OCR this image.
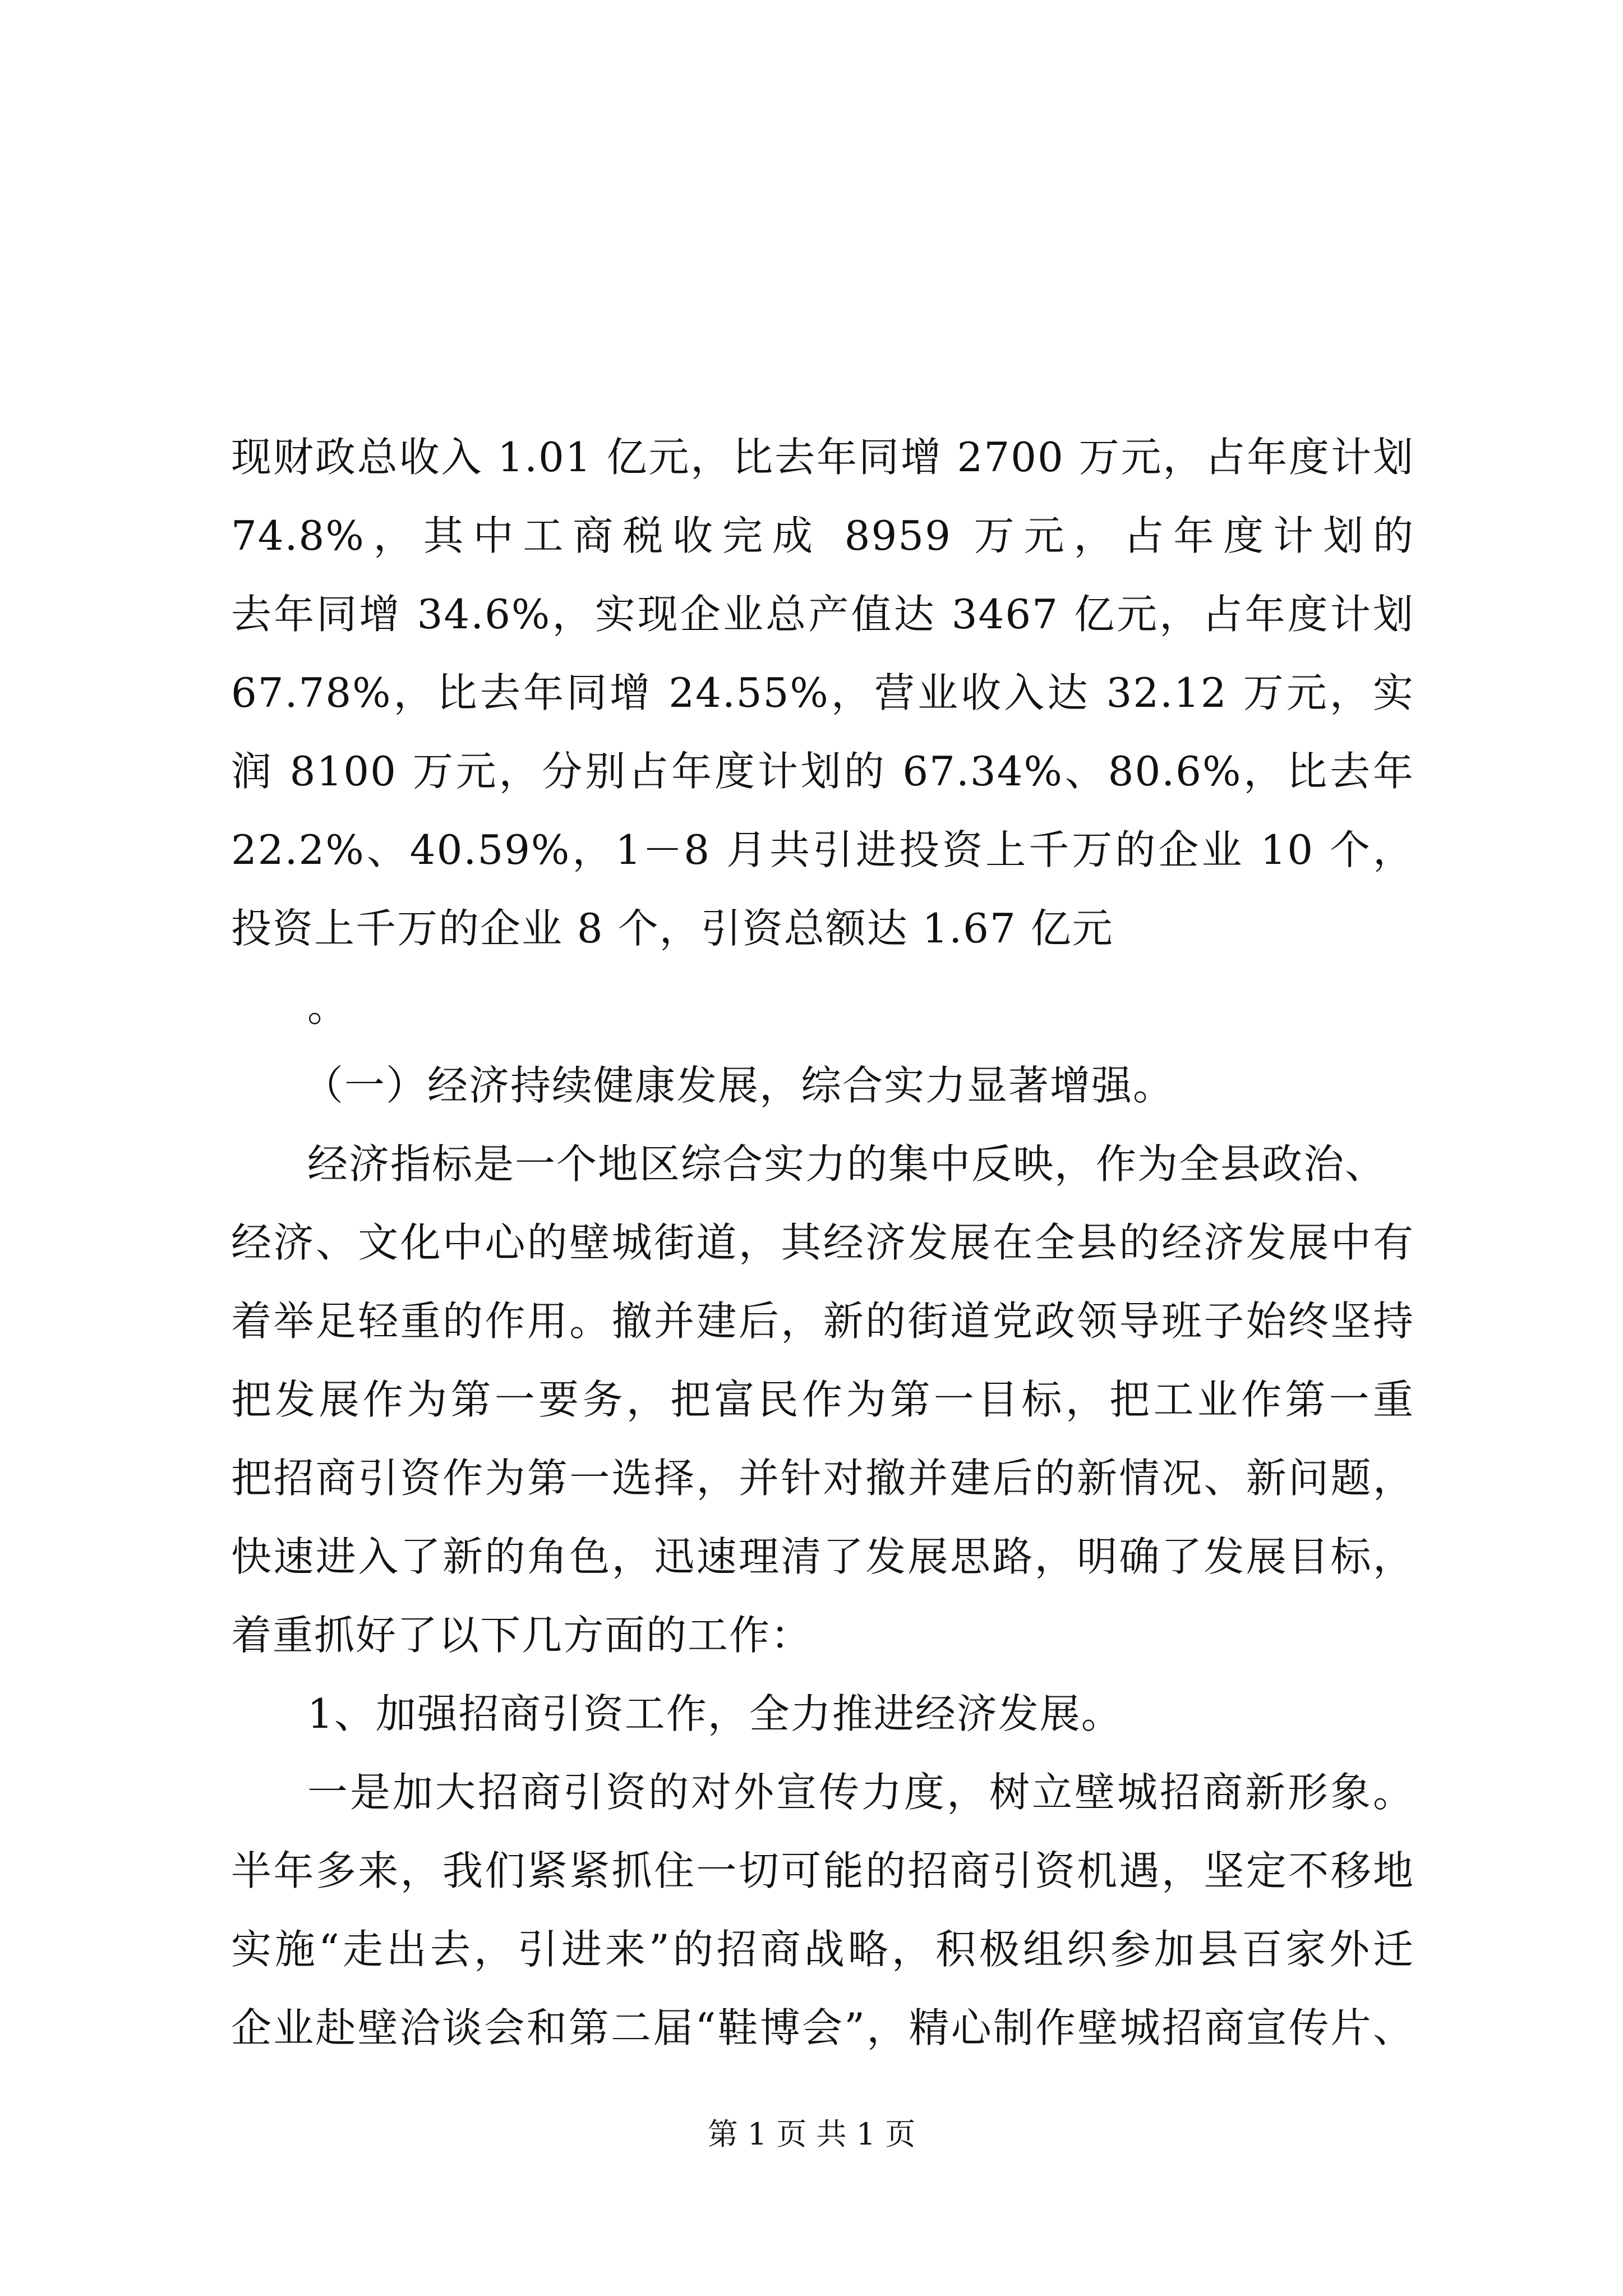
现财政总收入 1.01 亿元，比去年同增 2700 万元，占年度计划
74.8%，其中工商税收完成 8959 万元，占年度计划的
去年同增 34.6%，实现企业总产值达 3467 亿元，占年度计划
67.78%，比去年同增 24.55%，营业收入达 32.12 万元，实
润 8100 万元，分别占年度计划的 67.34%、80.6%，比去年
22.2%、40.59%，1－8 月共引进投资上千万的企业 10 个，
投资上千万的企业 8 个，引资总额达 1.67 亿元
。
（一）经济持续健康发展，综合实力显著增强。
经济指标是一个地区综合实力的集中反映，作为全县政治、
经济、文化中心的壁城街道，其经济发展在全县的经济发展中有
着举足轻重的作用。撤并建后，新的街道党政领导班子始终坚持
把发展作为第一要务，把富民作为第一目标，把工业作第一重
把招商引资作为第一选择，并针对撤并建后的新情况、新问题，
快速进入了新的角色，迅速理清了发展思路，明确了发展目标，
着重抓好了以下几方面的工作：
1、加强招商引资工作，全力推进经济发展。
一是加大招商引资的对外宣传力度，树立壁城招商新形象。
半年多来，我们紧紧抓住一切可能的招商引资机遇，坚定不移地
实施“走出去，引进来”的招商战略，积极组织参加县百家外迁
企业赴壁洽谈会和第二届“鞋博会”，精心制作壁城招商宣传片、
第 1 页 共 1 页
